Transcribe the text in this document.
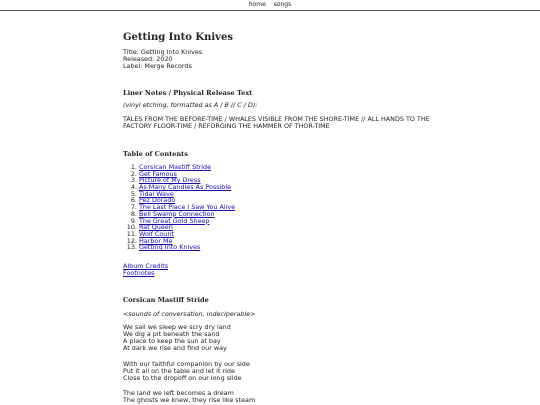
home songs
Getting Into Knives
Title: Getting Into Knives
Released: 2020
Label: Merge Records
Liner Notes / Physical Release Text
(vinyl etching, formatted as A / B // C / D):
TALES FROM THE BEFORE-TIME / WHALES VISIBLE FROM THE SHORE-TIME // ALL HANDS TO THE
FACTORY FLOOR-TIME / REFORGING THE HAMMER OF THOR-TIME
Table of Contents
1. Corsican Mastiff Stride
2. Get Famous
3. Picture of My Dress
4. As Many Candles As Possible
5. Tidal Wave
6. Pez Dorado
7. The Last Place I Saw You Alive
8. Bell Swamp Connection
9. The Great Gold Sheep
10. Rat Queen
11. Wolf Count
12. Harbor Me
13. Getting Into Knives
Album Credits
Footnotes
Corsican Mastiff Stride
<sounds of conversation, indeciperable>
We sail we sleep we scry dry land
We dig a pit beneath the sand
A place to keep the sun at bay
At dark we rise and find our way
With our faithful companion by our side
Put it all on the table and let it ride
Close to the dropoff on our long slide
The land we left becomes a dream
The ghosts we knew, they rise like steam
